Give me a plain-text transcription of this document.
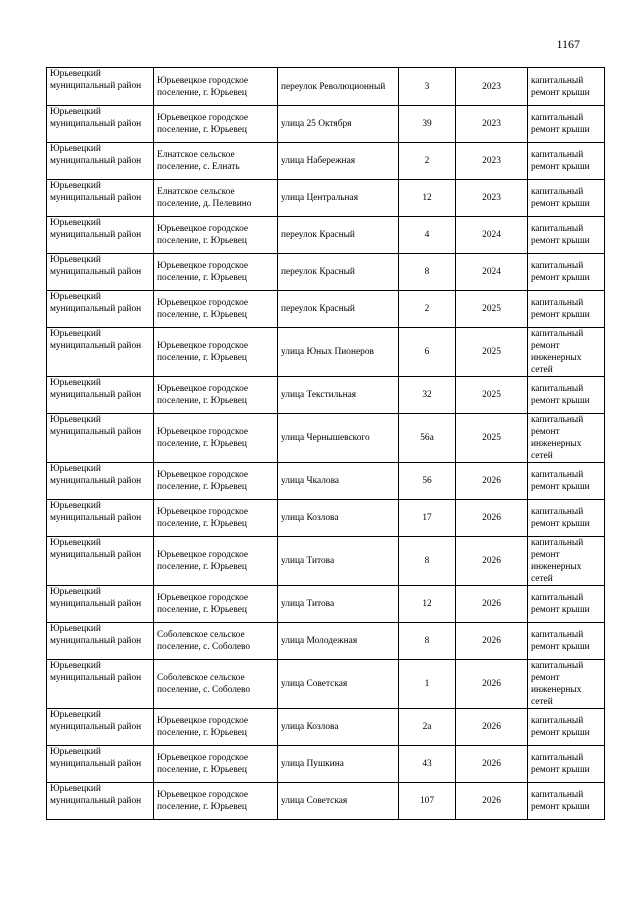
1167
Юрьевецкий муниципальный район	Юрьевецкое городское поселение, г. Юрьевец	переулок Революционный	3	2023	капитальный ремонт крыши
Юрьевецкий муниципальный район	Юрьевецкое городское поселение, г. Юрьевец	улица 25 Октября	39	2023	капитальный ремонт крыши
Юрьевецкий муниципальный район	Елнатское сельское поселение, с. Елнать	улица Набережная	2	2023	капитальный ремонт крыши
Юрьевецкий муниципальный район	Елнатское сельское поселение, д. Пелевино	улица Центральная	12	2023	капитальный ремонт крыши
Юрьевецкий муниципальный район	Юрьевецкое городское поселение, г. Юрьевец	переулок Красный	4	2024	капитальный ремонт крыши
Юрьевецкий муниципальный район	Юрьевецкое городское поселение, г. Юрьевец	переулок Красный	8	2024	капитальный ремонт крыши
Юрьевецкий муниципальный район	Юрьевецкое городское поселение, г. Юрьевец	переулок Красный	2	2025	капитальный ремонт крыши
Юрьевецкий муниципальный район	Юрьевецкое городское поселение, г. Юрьевец	улица Юных Пионеров	6	2025	капитальный ремонт инженерных сетей
Юрьевецкий муниципальный район	Юрьевецкое городское поселение, г. Юрьевец	улица Текстильная	32	2025	капитальный ремонт крыши
Юрьевецкий муниципальный район	Юрьевецкое городское поселение, г. Юрьевец	улица Чернышевского	56а	2025	капитальный ремонт инженерных сетей
Юрьевецкий муниципальный район	Юрьевецкое городское поселение, г. Юрьевец	улица Чкалова	56	2026	капитальный ремонт крыши
Юрьевецкий муниципальный район	Юрьевецкое городское поселение, г. Юрьевец	улица Козлова	17	2026	капитальный ремонт крыши
Юрьевецкий муниципальный район	Юрьевецкое городское поселение, г. Юрьевец	улица Титова	8	2026	капитальный ремонт инженерных сетей
Юрьевецкий муниципальный район	Юрьевецкое городское поселение, г. Юрьевец	улица Титова	12	2026	капитальный ремонт крыши
Юрьевецкий муниципальный район	Соболевское сельское поселение, с. Соболево	улица Молодежная	8	2026	капитальный ремонт крыши
Юрьевецкий муниципальный район	Соболевское сельское поселение, с. Соболево	улица Советская	1	2026	капитальный ремонт инженерных сетей
Юрьевецкий муниципальный район	Юрьевецкое городское поселение, г. Юрьевец	улица Козлова	2а	2026	капитальный ремонт крыши
Юрьевецкий муниципальный район	Юрьевецкое городское поселение, г. Юрьевец	улица Пушкина	43	2026	капитальный ремонт крыши
Юрьевецкий муниципальный район	Юрьевецкое городское поселение, г. Юрьевец	улица Советская	107	2026	капитальный ремонт крыши
